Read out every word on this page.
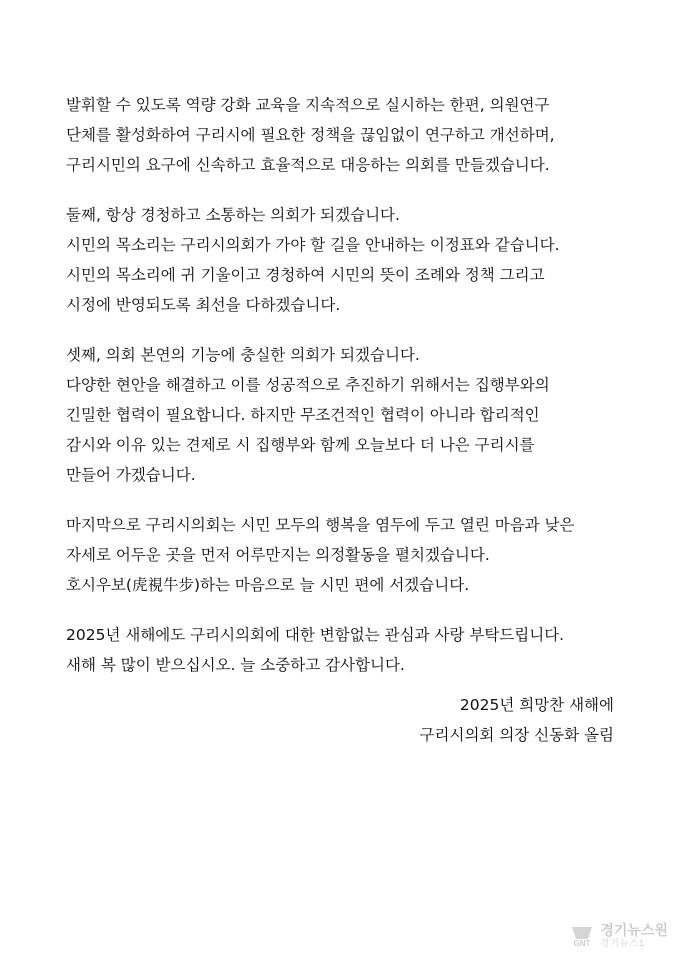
발휘할 수 있도록 역량 강화 교육을 지속적으로 실시하는 한편, 의원연구
단체를 활성화하여 구리시에 필요한 정책을 끊임없이 연구하고 개선하며,
구리시민의 요구에 신속하고 효율적으로 대응하는 의회를 만들겠습니다.
둘째, 항상 경청하고 소통하는 의회가 되겠습니다.
시민의 목소리는 구리시의회가 가야 할 길을 안내하는 이정표와 같습니다.
시민의 목소리에 귀 기울이고 경청하여 시민의 뜻이 조례와 정책 그리고
시정에 반영되도록 최선을 다하겠습니다.
셋째, 의회 본연의 기능에 충실한 의회가 되겠습니다.
다양한 현안을 해결하고 이를 성공적으로 추진하기 위해서는 집행부와의
긴밀한 협력이 필요합니다. 하지만 무조건적인 협력이 아니라 합리적인
감시와 이유 있는 견제로 시 집행부와 함께 오늘보다 더 나은 구리시를
만들어 가겠습니다.
마지막으로 구리시의회는 시민 모두의 행복을 염두에 두고 열린 마음과 낮은
자세로 어두운 곳을 먼저 어루만지는 의정활동을 펼치겠습니다.
호시우보(虎視牛步)하는 마음으로 늘 시민 편에 서겠습니다.
2025년 새해에도 구리시의회에 대한 변함없는 관심과 사랑 부탁드립니다.
새해 복 많이 받으십시오. 늘 소중하고 감사합니다.
2025년 희망찬 새해에
구리시의회 의장 신동화 올림
GNT
경기뉴스원
경기뉴스1
